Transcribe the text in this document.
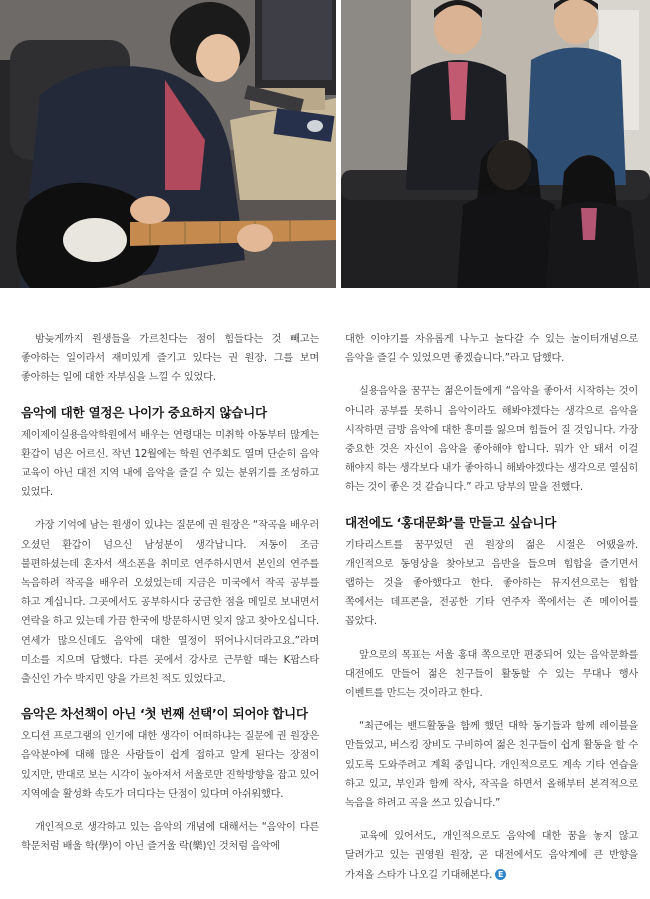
밤늦게까지 원생들을 가르친다는 점이 힘들다는 것 빼고는 좋아하는 일이라서 재미있게 즐기고 있다는 권 원장. 그를 보며 좋아하는 일에 대한 자부심을 느낄 수 있었다.

음악에 대한 열정은 나이가 중요하지 않습니다

제이제이실용음악학원에서 배우는 연령대는 미취학 아동부터 많게는 환갑이 넘은 어르신. 작년 12월에는 학원 연주회도 열며 단순히 음악 교육이 아닌 대전 지역 내에 음악을 즐길 수 있는 분위기를 조성하고 있었다.

가장 기억에 남는 원생이 있냐는 질문에 권 원장은 “작곡을 배우러 오셨던 환갑이 넘으신 남성분이 생각납니다. 저동이 조금 불편하셨는데 혼자서 색소폰을 취미로 연주하시면서 본인의 연주를 녹음하려 작곡을 배우러 오셨었는데 지금은 미국에서 작곡 공부를 하고 계십니다. 그곳에서도 공부하시다 궁금한 점을 메일로 보내면서 연락을 하고 있는데 가끔 한국에 방문하시면 잊지 않고 찾아오십니다. 연세가 많으신데도 음악에 대한 열정이 뛰어나시더라고요.”라며 미소를 지으며 답했다. 다른 곳에서 강사로 근무할 때는 K팝스타 출신인 가수 박지민 양을 가르친 적도 있었다고.

음악은 차선책이 아닌 ‘첫 번째 선택’이 되어야 합니다

오디션 프로그램의 인기에 대한 생각이 어떠하냐는 질문에 권 원장은 음악분야에 대해 많은 사람들이 쉽게 접하고 알게 된다는 장점이 있지만, 반대로 보는 시각이 높아져서 서울로만 진학방향을 잡고 있어 지역예술 활성화 속도가 더디다는 단점이 있다며 아쉬워했다.

개인적으로 생각하고 있는 음악의 개념에 대해서는 “음악이 다른 학문처럼 배울 학(學)이 아닌 즐거울 락(樂)인 것처럼 음악에

대한 이야기를 자유롭게 나누고 놀다갈 수 있는 놀이터개념으로 음악을 즐길 수 있었으면 좋겠습니다.”라고 답했다.

실용음악을 꿈꾸는 젊은이들에게 “음악을 좋아서 시작하는 것이 아니라 공부를 못하니 음악이라도 해봐야겠다는 생각으로 음악을 시작하면 금방 음악에 대한 흥미를 잃으며 힘들어 질 것입니다. 가장 중요한 것은 자신이 음악을 좋아해야 합니다. 뭐가 안 돼서 이걸 해야지 하는 생각보다 내가 좋아하니 해봐야겠다는 생각으로 열심히 하는 것이 좋은 것 같습니다.” 라고 당부의 말을 전했다.

대전에도 ‘홍대문화’를 만들고 싶습니다

기타리스트를 꿈꾸었던 권 원장의 젊은 시절은 어땠을까. 개인적으로 동영상을 찾아보고 음반을 들으며 힙합을 즐기면서 랩하는 것을 좋아했다고 한다. 좋아하는 뮤지션으로는 힙합 쪽에서는 데프콘을, 전공한 기타 연주자 쪽에서는 존 메이어를 꼽았다.

앞으로의 목표는 서울 홍대 쪽으로만 편중되어 있는 음악문화를 대전에도 만들어 젊은 친구들이 활동할 수 있는 무대나 행사 이벤트를 만드는 것이라고 한다.

“최근에는 밴드활동을 함께 했던 대학 동기들과 함께 레이블을 만들었고, 버스킹 장비도 구비하여 젊은 친구들이 쉽게 활동을 할 수 있도록 도와주려고 계획 중입니다. 개인적으로도 계속 기타 연습을 하고 있고, 부인과 함께 작사, 작곡을 하면서 올해부터 본격적으로 녹음을 하려고 곡을 쓰고 있습니다.”

교육에 있어서도, 개인적으로도 음악에 대한 꿈을 놓지 않고 달려가고 있는 권영원 원장, 곧 대전에서도 음악계에 큰 반향을 가져올 스타가 나오길 기대해본다. E
